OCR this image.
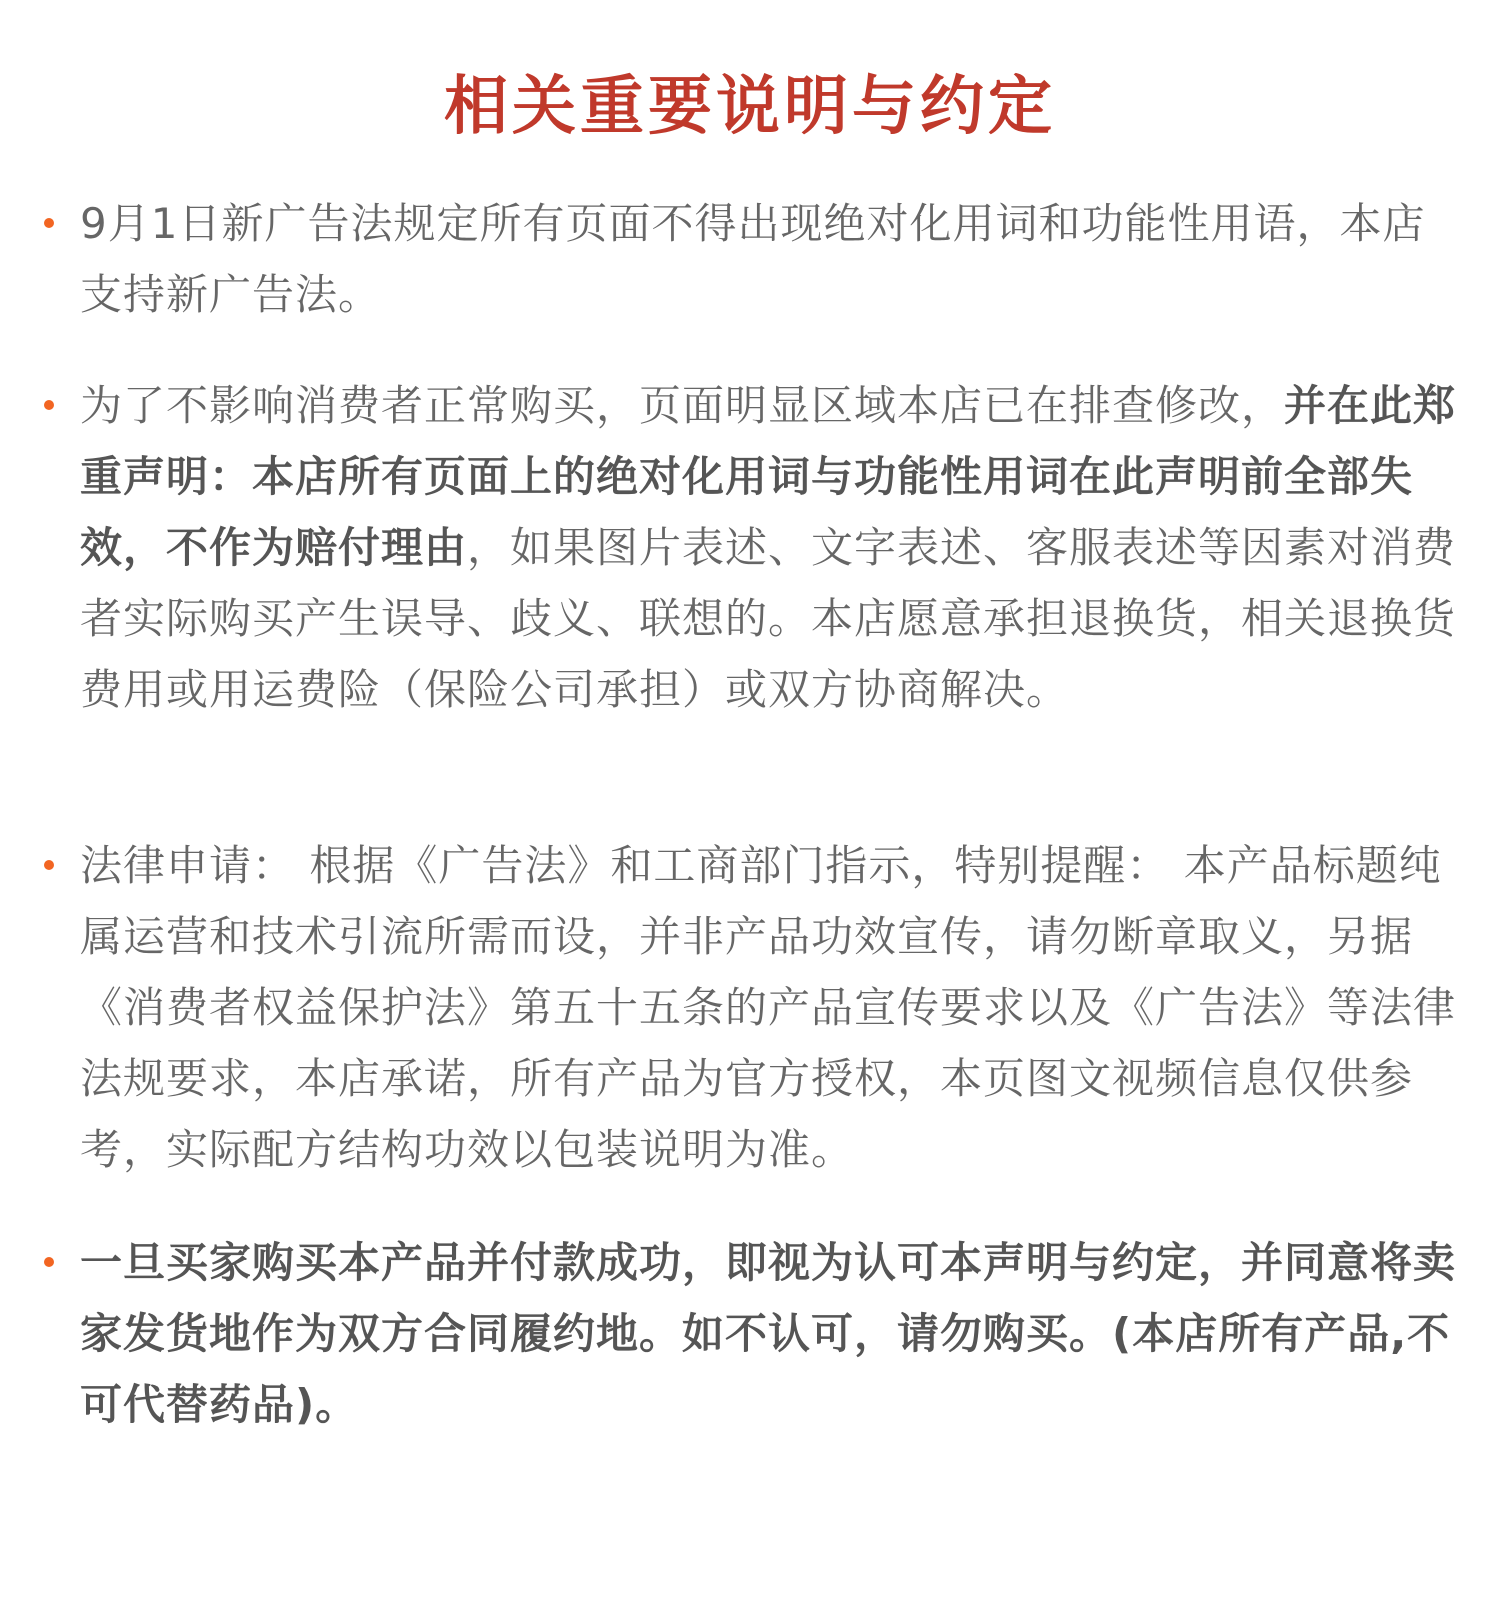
相关重要说明与约定
9月1日新广告法规定所有页面不得出现绝对化用词和功能性用语，本店支持新广告法。
为了不影响消费者正常购买，页面明显区域本店已在排查修改，并在此郑重声明：本店所有页面上的绝对化用词与功能性用词在此声明前全部失效，不作为赔付理由，如果图片表述、文字表述、客服表述等因素对消费者实际购买产生误导、歧义、联想的。本店愿意承担退换货，相关退换货费用或用运费险（保险公司承担）或双方协商解决。
法律申请： 根据《广告法》和工商部门指示，特别提醒： 本产品标题纯属运营和技术引流所需而设，并非产品功效宣传，请勿断章取义，另据《消费者权益保护法》第五十五条的产品宣传要求以及《广告法》等法律法规要求，本店承诺，所有产品为官方授权，本页图文视频信息仅供参考，实际配方结构功效以包装说明为准。
一旦买家购买本产品并付款成功，即视为认可本声明与约定，并同意将卖家发货地作为双方合同履约地。如不认可，请勿购买。(本店所有产品,不可代替药品)。
